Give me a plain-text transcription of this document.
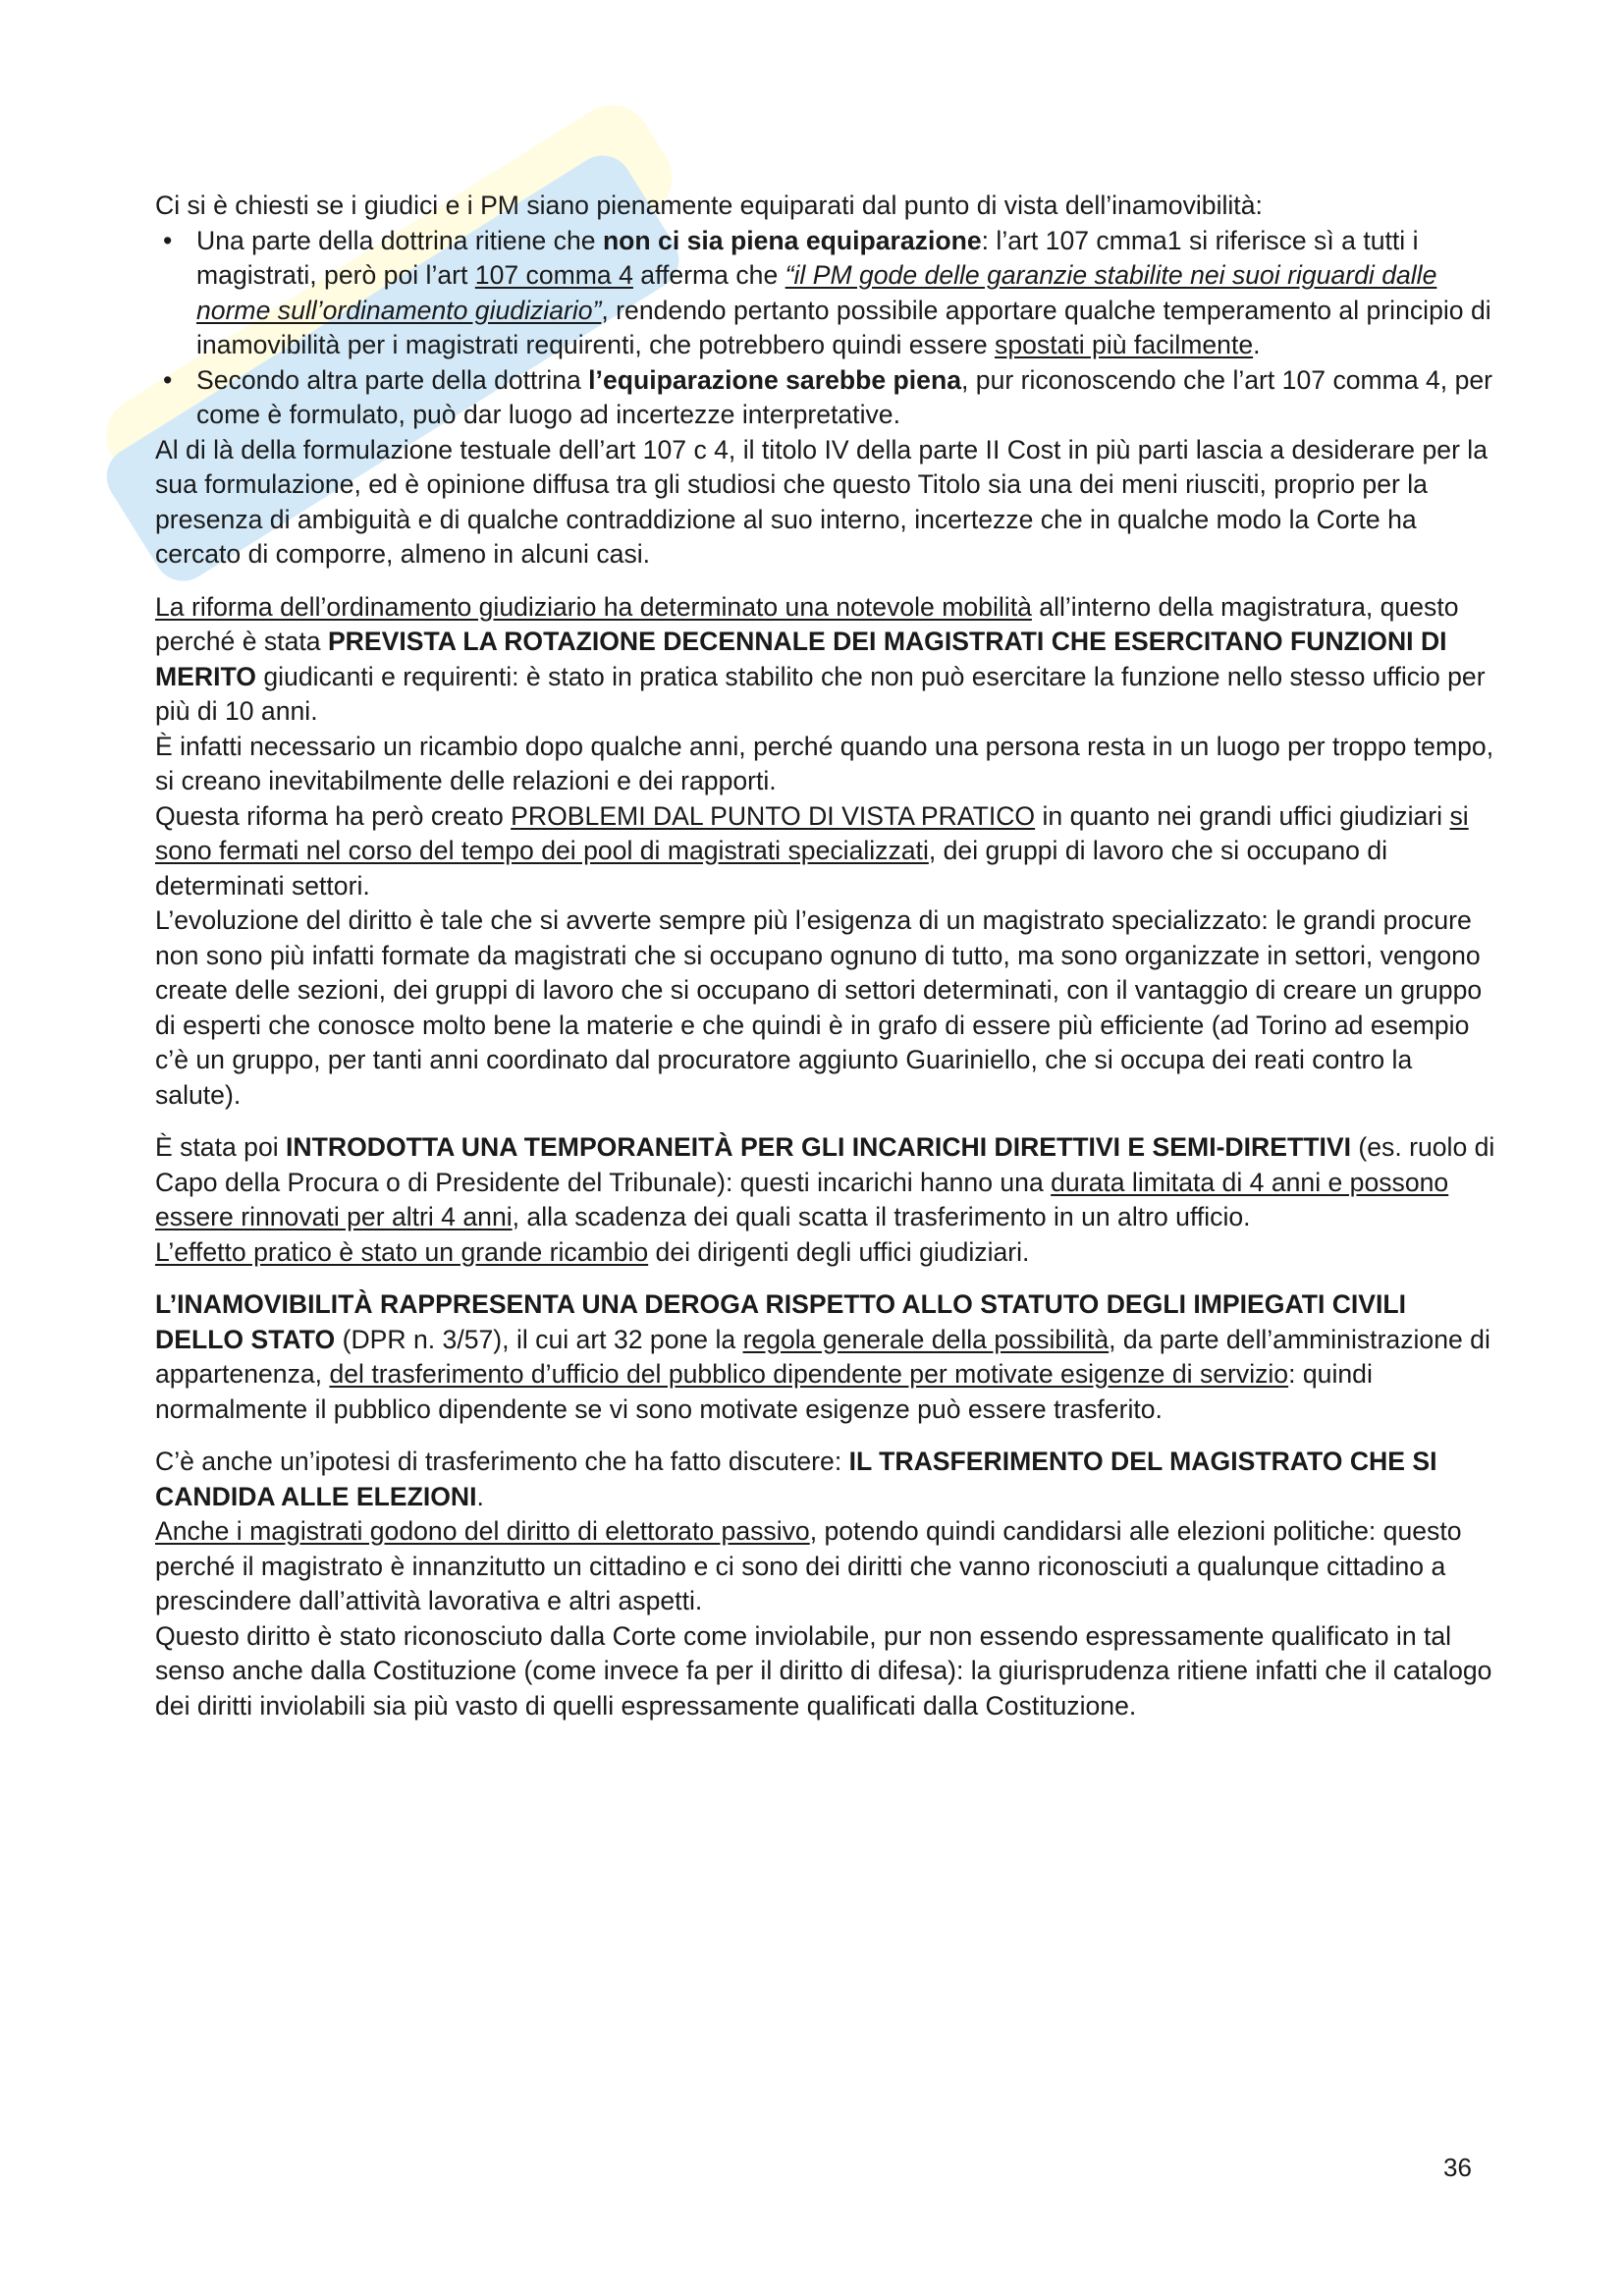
Ci si è chiesti se i giudici e i PM siano pienamente equiparati dal punto di vista dell’inamovibilità:

• Una parte della dottrina ritiene che non ci sia piena equiparazione: l’art 107 cmma1 si riferisce sì a tutti i magistrati, però poi l’art 107 comma 4 afferma che “il PM gode delle garanzie stabilite nei suoi riguardi dalle norme sull’ordinamento giudiziario”, rendendo pertanto possibile apportare qualche temperamento al principio di inamovibilità per i magistrati requirenti, che potrebbero quindi essere spostati più facilmente.
• Secondo altra parte della dottrina l’equiparazione sarebbe piena, pur riconoscendo che l’art 107 comma 4, per come è formulato, può dar luogo ad incertezze interpretative.

Al di là della formulazione testuale dell’art 107 c 4, il titolo IV della parte II Cost in più parti lascia a desiderare per la sua formulazione, ed è opinione diffusa tra gli studiosi che questo Titolo sia una dei meni riusciti, proprio per la presenza di ambiguità e di qualche contraddizione al suo interno, incertezze che in qualche modo la Corte ha cercato di comporre, almeno in alcuni casi.

La riforma dell’ordinamento giudiziario ha determinato una notevole mobilità all’interno della magistratura, questo perché è stata PREVISTA LA ROTAZIONE DECENNALE DEI MAGISTRATI CHE ESERCITANO FUNZIONI DI MERITO giudicanti e requirenti: è stato in pratica stabilito che non può esercitare la funzione nello stesso ufficio per più di 10 anni.

È infatti necessario un ricambio dopo qualche anni, perché quando una persona resta in un luogo per troppo tempo, si creano inevitabilmente delle relazioni e dei rapporti.

Questa riforma ha però creato PROBLEMI DAL PUNTO DI VISTA PRATICO in quanto nei grandi uffici giudiziari si sono fermati nel corso del tempo dei pool di magistrati specializzati, dei gruppi di lavoro che si occupano di determinati settori.

L’evoluzione del diritto è tale che si avverte sempre più l’esigenza di un magistrato specializzato: le grandi procure non sono più infatti formate da magistrati che si occupano ognuno di tutto, ma sono organizzate in settori, vengono create delle sezioni, dei gruppi di lavoro che si occupano di settori determinati, con il vantaggio di creare un gruppo di esperti che conosce molto bene la materie e che quindi è in grafo di essere più efficiente (ad Torino ad esempio c’è un gruppo, per tanti anni coordinato dal procuratore aggiunto Guariniello, che si occupa dei reati contro la salute).

È stata poi INTRODOTTA UNA TEMPORANEITÀ PER GLI INCARICHI DIRETTIVI E SEMI-DIRETTIVI (es. ruolo di Capo della Procura o di Presidente del Tribunale): questi incarichi hanno una durata limitata di 4 anni e possono essere rinnovati per altri 4 anni, alla scadenza dei quali scatta il trasferimento in un altro ufficio.

L’effetto pratico è stato un grande ricambio dei dirigenti degli uffici giudiziari.

L’INAMOVIBILITÀ RAPPRESENTA UNA DEROGA RISPETTO ALLO STATUTO DEGLI IMPIEGATI CIVILI DELLO STATO (DPR n. 3/57), il cui art 32 pone la regola generale della possibilità, da parte dell’amministrazione di appartenenza, del trasferimento d’ufficio del pubblico dipendente per motivate esigenze di servizio: quindi normalmente il pubblico dipendente se vi sono motivate esigenze può essere trasferito.

C’è anche un’ipotesi di trasferimento che ha fatto discutere: IL TRASFERIMENTO DEL MAGISTRATO CHE SI CANDIDA ALLE ELEZIONI.

Anche i magistrati godono del diritto di elettorato passivo, potendo quindi candidarsi alle elezioni politiche: questo perché il magistrato è innanzitutto un cittadino e ci sono dei diritti che vanno riconosciuti a qualunque cittadino a prescindere dall’attività lavorativa e altri aspetti.

Questo diritto è stato riconosciuto dalla Corte come inviolabile, pur non essendo espressamente qualificato in tal senso anche dalla Costituzione (come invece fa per il diritto di difesa): la giurisprudenza ritiene infatti che il catalogo dei diritti inviolabili sia più vasto di quelli espressamente qualificati dalla Costituzione.

36
